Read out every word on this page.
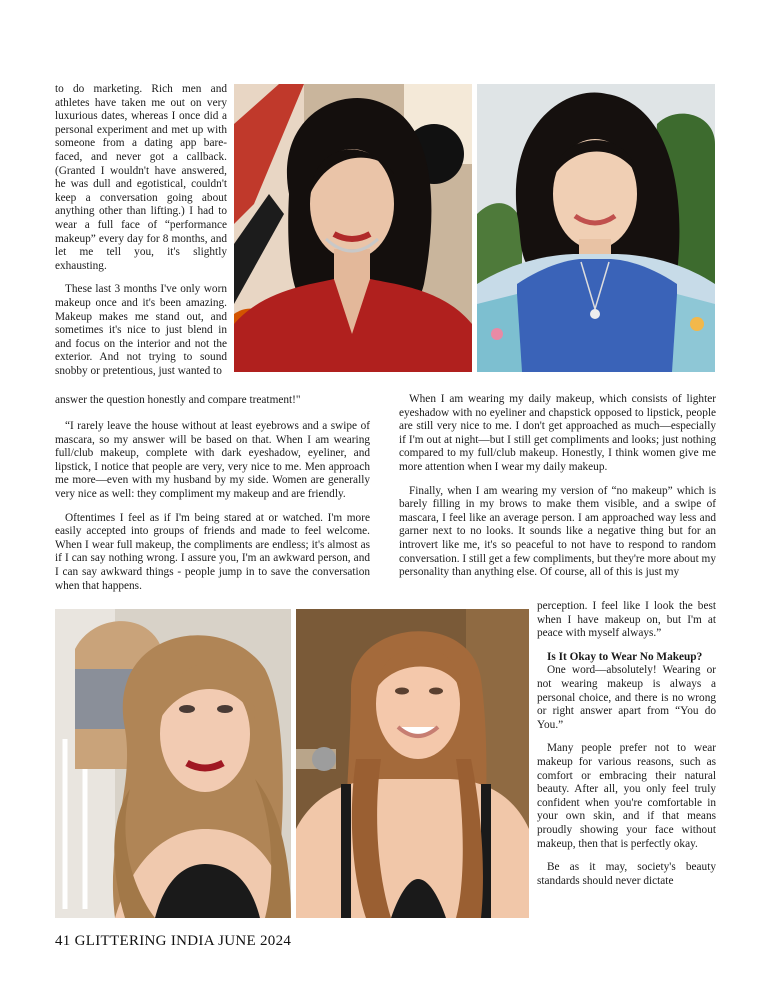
to do marketing. Rich men and athletes have taken me out on very luxurious dates, whereas I once did a personal experiment and met up with someone from a dating app bare-faced, and never got a callback. (Granted I wouldn't have answered, he was dull and egotistical, couldn't keep a conversation going about anything other than lifting.) I had to wear a full face of “performance makeup” every day for 8 months, and let me tell you, it's slightly exhausting.

These last 3 months I've only worn makeup once and it's been amazing. Makeup makes me stand out, and sometimes it's nice to just blend in and focus on the interior and not the exterior. And not trying to sound snobby or pretentious, just wanted to

answer the question honestly and compare treatment!"

“I rarely leave the house without at least eyebrows and a swipe of mascara, so my answer will be based on that. When I am wearing full/club makeup, complete with dark eyeshadow, eyeliner, and lipstick, I notice that people are very, very nice to me. Men approach me more—even with my husband by my side. Women are generally very nice as well: they compliment my makeup and are friendly.

Oftentimes I feel as if I'm being stared at or watched. I'm more easily accepted into groups of friends and made to feel welcome. When I wear full makeup, the compliments are endless; it's almost as if I can say nothing wrong. I assure you, I'm an awkward person, and I can say awkward things - people jump in to save the conversation when that happens.

When I am wearing my daily makeup, which consists of lighter eyeshadow with no eyeliner and chapstick opposed to lipstick, people are still very nice to me. I don't get approached as much—especially if I'm out at night—but I still get compliments and looks; just nothing compared to my full/club makeup. Honestly, I think women give me more attention when I wear my daily makeup.

Finally, when I am wearing my version of “no makeup” which is barely filling in my brows to make them visible, and a swipe of mascara, I feel like an average person. I am approached way less and garner next to no looks. It sounds like a negative thing but for an introvert like me, it's so peaceful to not have to respond to random conversation. I still get a few compliments, but they're more about my personality than anything else. Of course, all of this is just my

perception. I feel like I look the best when I have makeup on, but I'm at peace with myself always.”

Is It Okay to Wear No Makeup?

One word—absolutely! Wearing or not wearing makeup is always a personal choice, and there is no wrong or right answer apart from “You do You.”

Many people prefer not to wear makeup for various reasons, such as comfort or embracing their natural beauty. After all, you only feel truly confident when you're comfortable in your own skin, and if that means proudly showing your face without makeup, then that is perfectly okay.

Be as it may, society's beauty standards should never dictate

41 GLITTERING INDIA JUNE 2024
